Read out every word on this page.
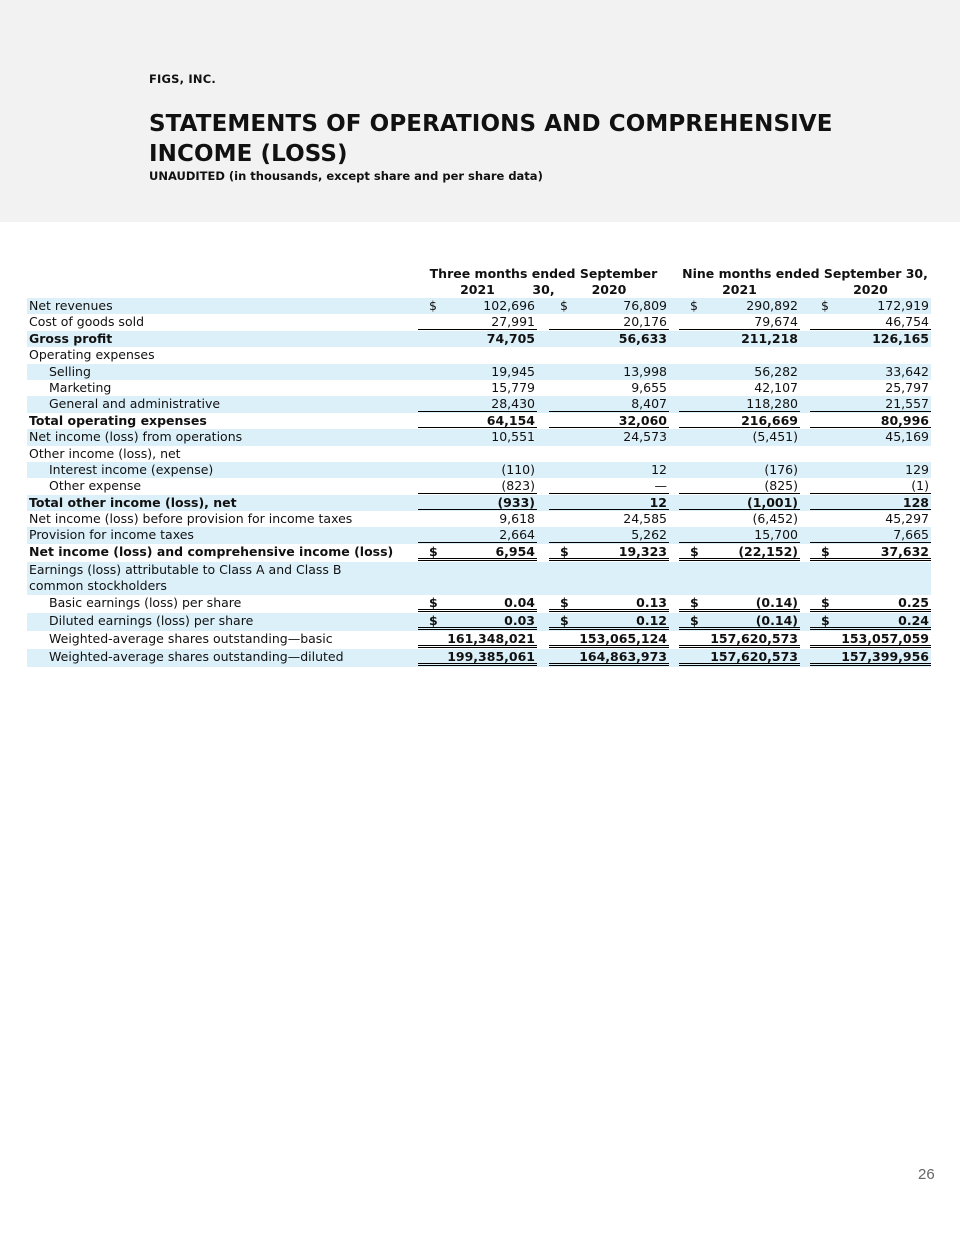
FIGS, INC.
STATEMENTS OF OPERATIONS AND COMPREHENSIVE INCOME (LOSS)
UNAUDITED (in thousands, except share and per share data)
Three months ended September 30,
Nine months ended September 30,
2021	2020	2021	2020
Net revenues	$	102,696 $	76,809 $	290,892 $	172,919
Cost of goods sold	27,991	20,176	79,674	46,754
Gross profit	74,705	56,633	211,218	126,165
Operating expenses
Selling	19,945	13,998	56,282	33,642
Marketing	15,779	9,655	42,107	25,797
General and administrative	28,430	8,407	118,280	21,557
Total operating expenses	64,154	32,060	216,669	80,996
Net income (loss) from operations	10,551	24,573	(5,451)	45,169
Other income (loss), net
Interest income (expense)	(110)	12	(176)	129
Other expense	(823)	—	(825)	(1)
Total other income (loss), net	(933)	12	(1,001)	128
Net income (loss) before provision for income taxes	9,618	24,585	(6,452)	45,297
Provision for income taxes	2,664	5,262	15,700	7,665
Net income (loss) and comprehensive income (loss)	$	6,954 $	19,323 $	(22,152) $	37,632
Earnings (loss) attributable to Class A and Class B
common stockholders
Basic earnings (loss) per share	$	0.04 $	0.13 $	(0.14) $	0.25
Diluted earnings (loss) per share	$	0.03 $	0.12 $	(0.14) $	0.24
Weighted-average shares outstanding—basic	161,348,021	153,065,124	157,620,573	153,057,059
Weighted-average shares outstanding—diluted	199,385,061	164,863,973	157,620,573	157,399,956
26
